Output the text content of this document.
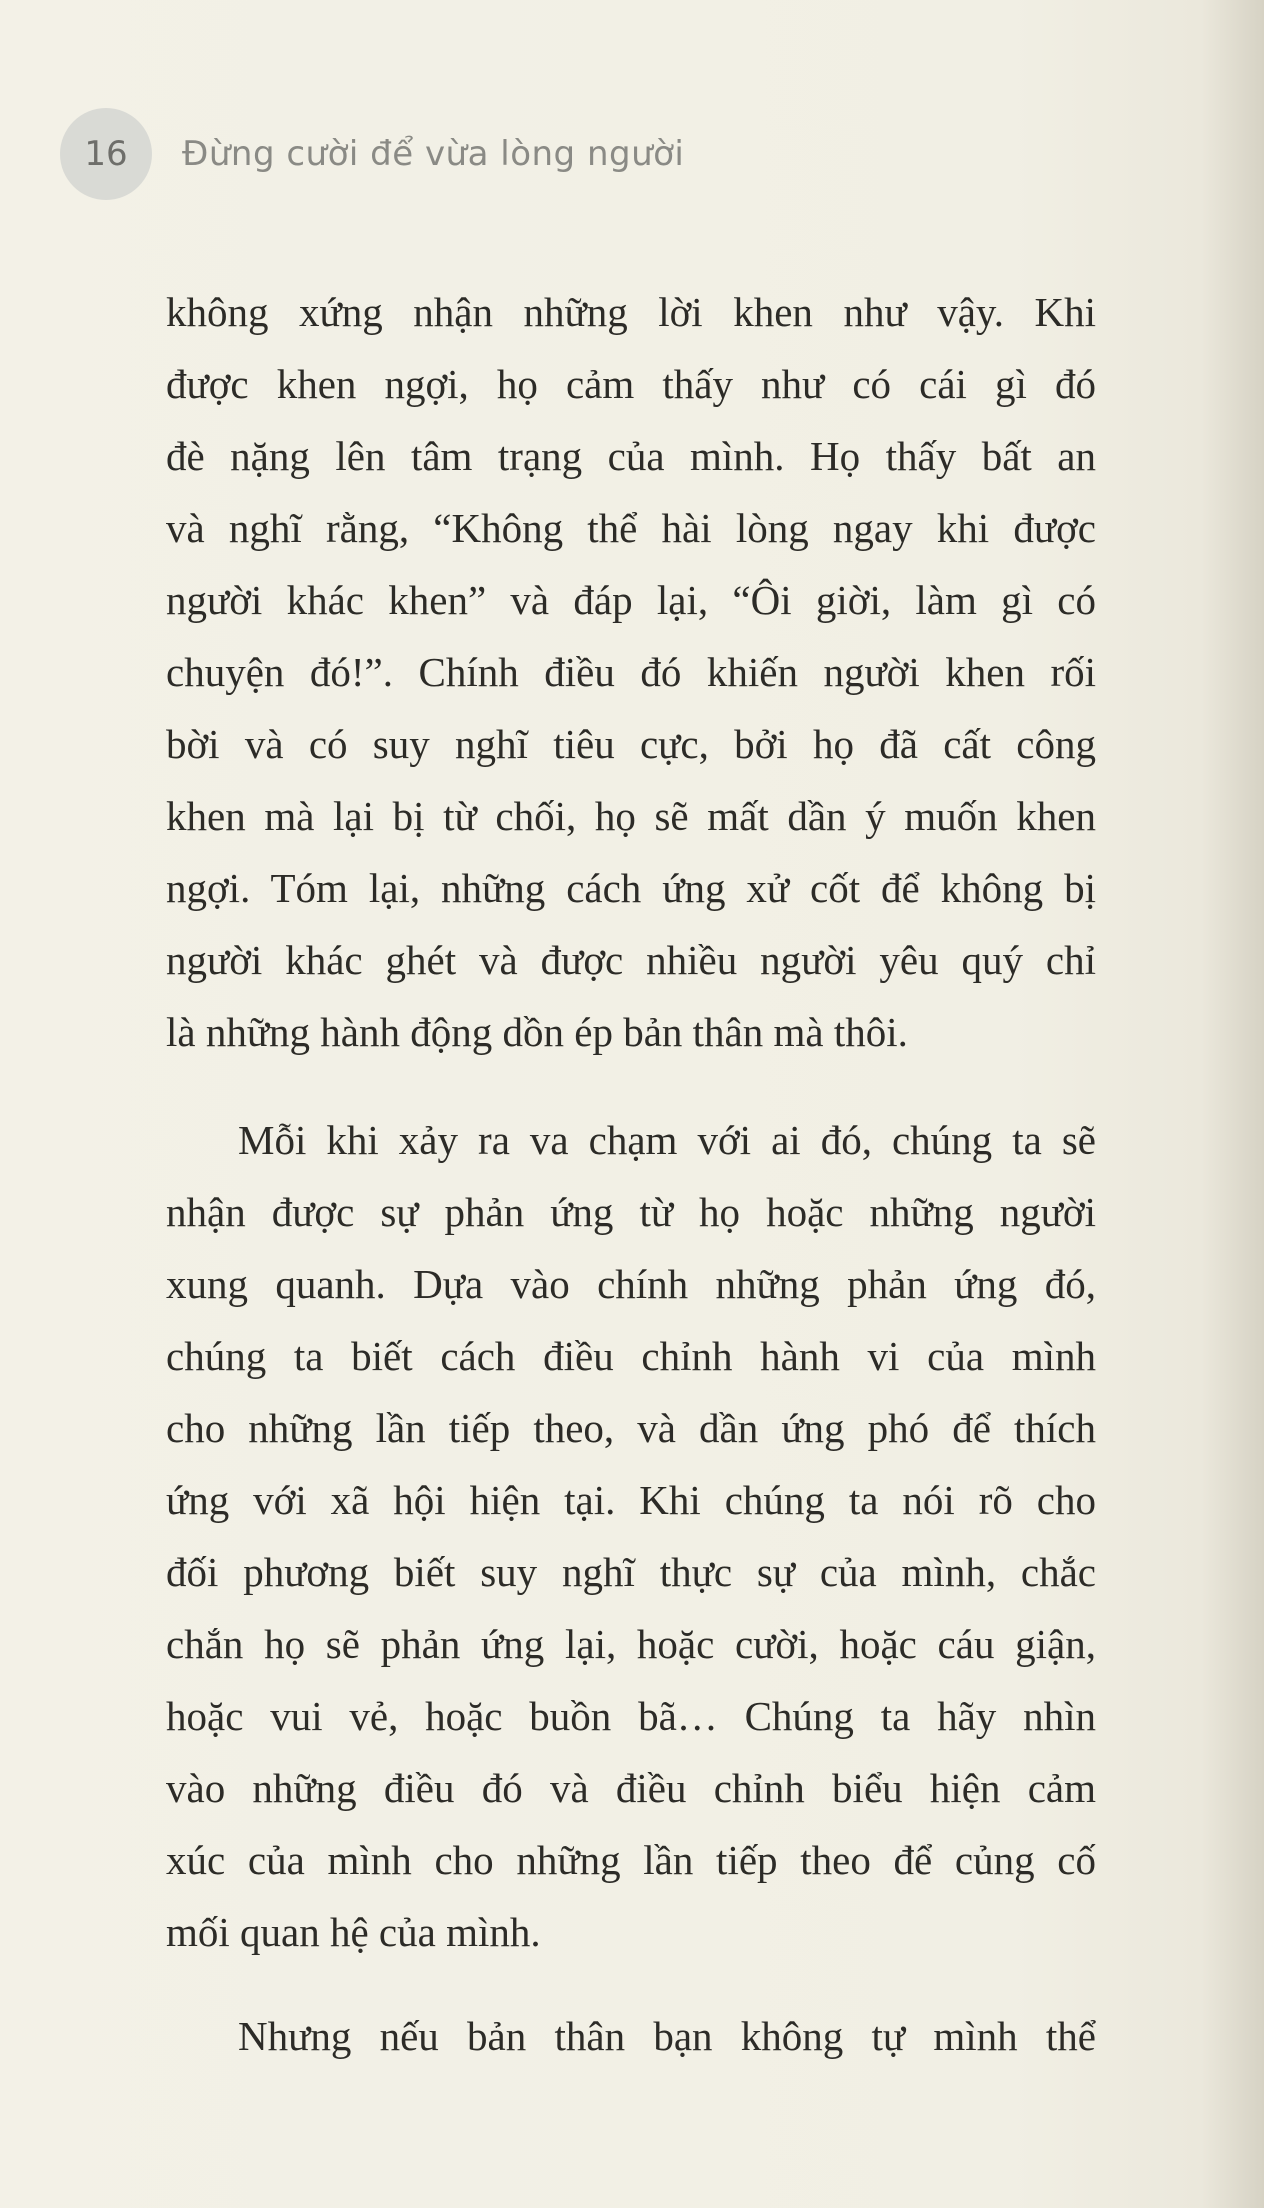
16 Đừng cười để vừa lòng người
không xứng nhận những lời khen như vậy. Khi
được khen ngợi, họ cảm thấy như có cái gì đó
đè nặng lên tâm trạng của mình. Họ thấy bất an
và nghĩ rằng, “Không thể hài lòng ngay khi được
người khác khen” và đáp lại, “Ôi giời, làm gì có
chuyện đó!”. Chính điều đó khiến người khen rối
bời và có suy nghĩ tiêu cực, bởi họ đã cất công
khen mà lại bị từ chối, họ sẽ mất dần ý muốn khen
ngợi. Tóm lại, những cách ứng xử cốt để không bị
người khác ghét và được nhiều người yêu quý chỉ
là những hành động dồn ép bản thân mà thôi.
Mỗi khi xảy ra va chạm với ai đó, chúng ta sẽ
nhận được sự phản ứng từ họ hoặc những người
xung quanh. Dựa vào chính những phản ứng đó,
chúng ta biết cách điều chỉnh hành vi của mình
cho những lần tiếp theo, và dần ứng phó để thích
ứng với xã hội hiện tại. Khi chúng ta nói rõ cho
đối phương biết suy nghĩ thực sự của mình, chắc
chắn họ sẽ phản ứng lại, hoặc cười, hoặc cáu giận,
hoặc vui vẻ, hoặc buồn bã… Chúng ta hãy nhìn
vào những điều đó và điều chỉnh biểu hiện cảm
xúc của mình cho những lần tiếp theo để củng cố
mối quan hệ của mình.
Nhưng nếu bản thân bạn không tự mình thể
